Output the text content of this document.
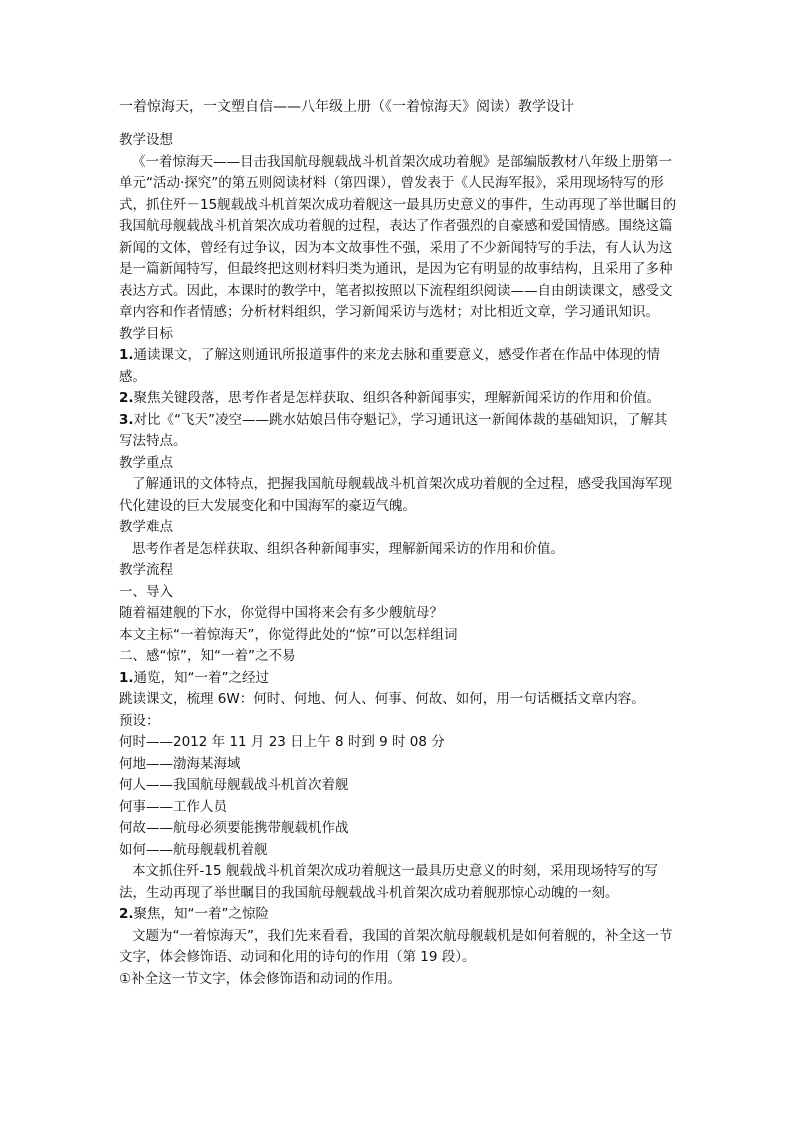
一着惊海天，一文塑自信——八年级上册（《一着惊海天》阅读）教学设计

教学设想

《一着惊海天——目击我国航母舰载战斗机首架次成功着舰》是部编版教材八年级上册第一单元“活动·探究”的第五则阅读材料（第四课），曾发表于《人民海军报》，采用现场特写的形式，抓住歼－15舰载战斗机首架次成功着舰这一最具历史意义的事件，生动再现了举世瞩目的我国航母舰载战斗机首架次成功着舰的过程，表达了作者强烈的自豪感和爱国情感。围绕这篇新闻的文体，曾经有过争议，因为本文故事性不强，采用了不少新闻特写的手法，有人认为这是一篇新闻特写，但最终把这则材料归类为通讯，是因为它有明显的故事结构，且采用了多种表达方式。因此，本课时的教学中，笔者拟按照以下流程组织阅读——自由朗读课文，感受文章内容和作者情感；分析材料组织，学习新闻采访与选材；对比相近文章，学习通讯知识。

教学目标

1.通读课文，了解这则通讯所报道事件的来龙去脉和重要意义，感受作者在作品中体现的情感。

2.聚焦关键段落，思考作者是怎样获取、组织各种新闻事实，理解新闻采访的作用和价值。

3.对比《“飞天”凌空——跳水姑娘吕伟夺魁记》，学习通讯这一新闻体裁的基础知识，了解其写法特点。

教学重点

了解通讯的文体特点，把握我国航母舰载战斗机首架次成功着舰的全过程，感受我国海军现代化建设的巨大发展变化和中国海军的豪迈气魄。

教学难点

思考作者是怎样获取、组织各种新闻事实，理解新闻采访的作用和价值。

教学流程

一、导入

随着福建舰的下水，你觉得中国将来会有多少艘航母？

本文主标“一着惊海天”，你觉得此处的“惊”可以怎样组词

二、感“惊”，知“一着”之不易

1.通览，知“一着”之经过

跳读课文，梳理 6W：何时、何地、何人、何事、何故、如何，用一句话概括文章内容。

预设：

何时——2012 年 11 月 23 日上午 8 时到 9 时 08 分

何地——渤海某海域

何人——我国航母舰载战斗机首次着舰

何事——工作人员

何故——航母必须要能携带舰载机作战

如何——航母舰载机着舰

本文抓住歼-15 舰载战斗机首架次成功着舰这一最具历史意义的时刻，采用现场特写的写法，生动再现了举世瞩目的我国航母舰载战斗机首架次成功着舰那惊心动魄的一刻。

2.聚焦，知“一着”之惊险

文题为“一着惊海天”，我们先来看看，我国的首架次航母舰载机是如何着舰的，补全这一节文字，体会修饰语、动词和化用的诗句的作用（第 19 段）。

①补全这一节文字，体会修饰语和动词的作用。
